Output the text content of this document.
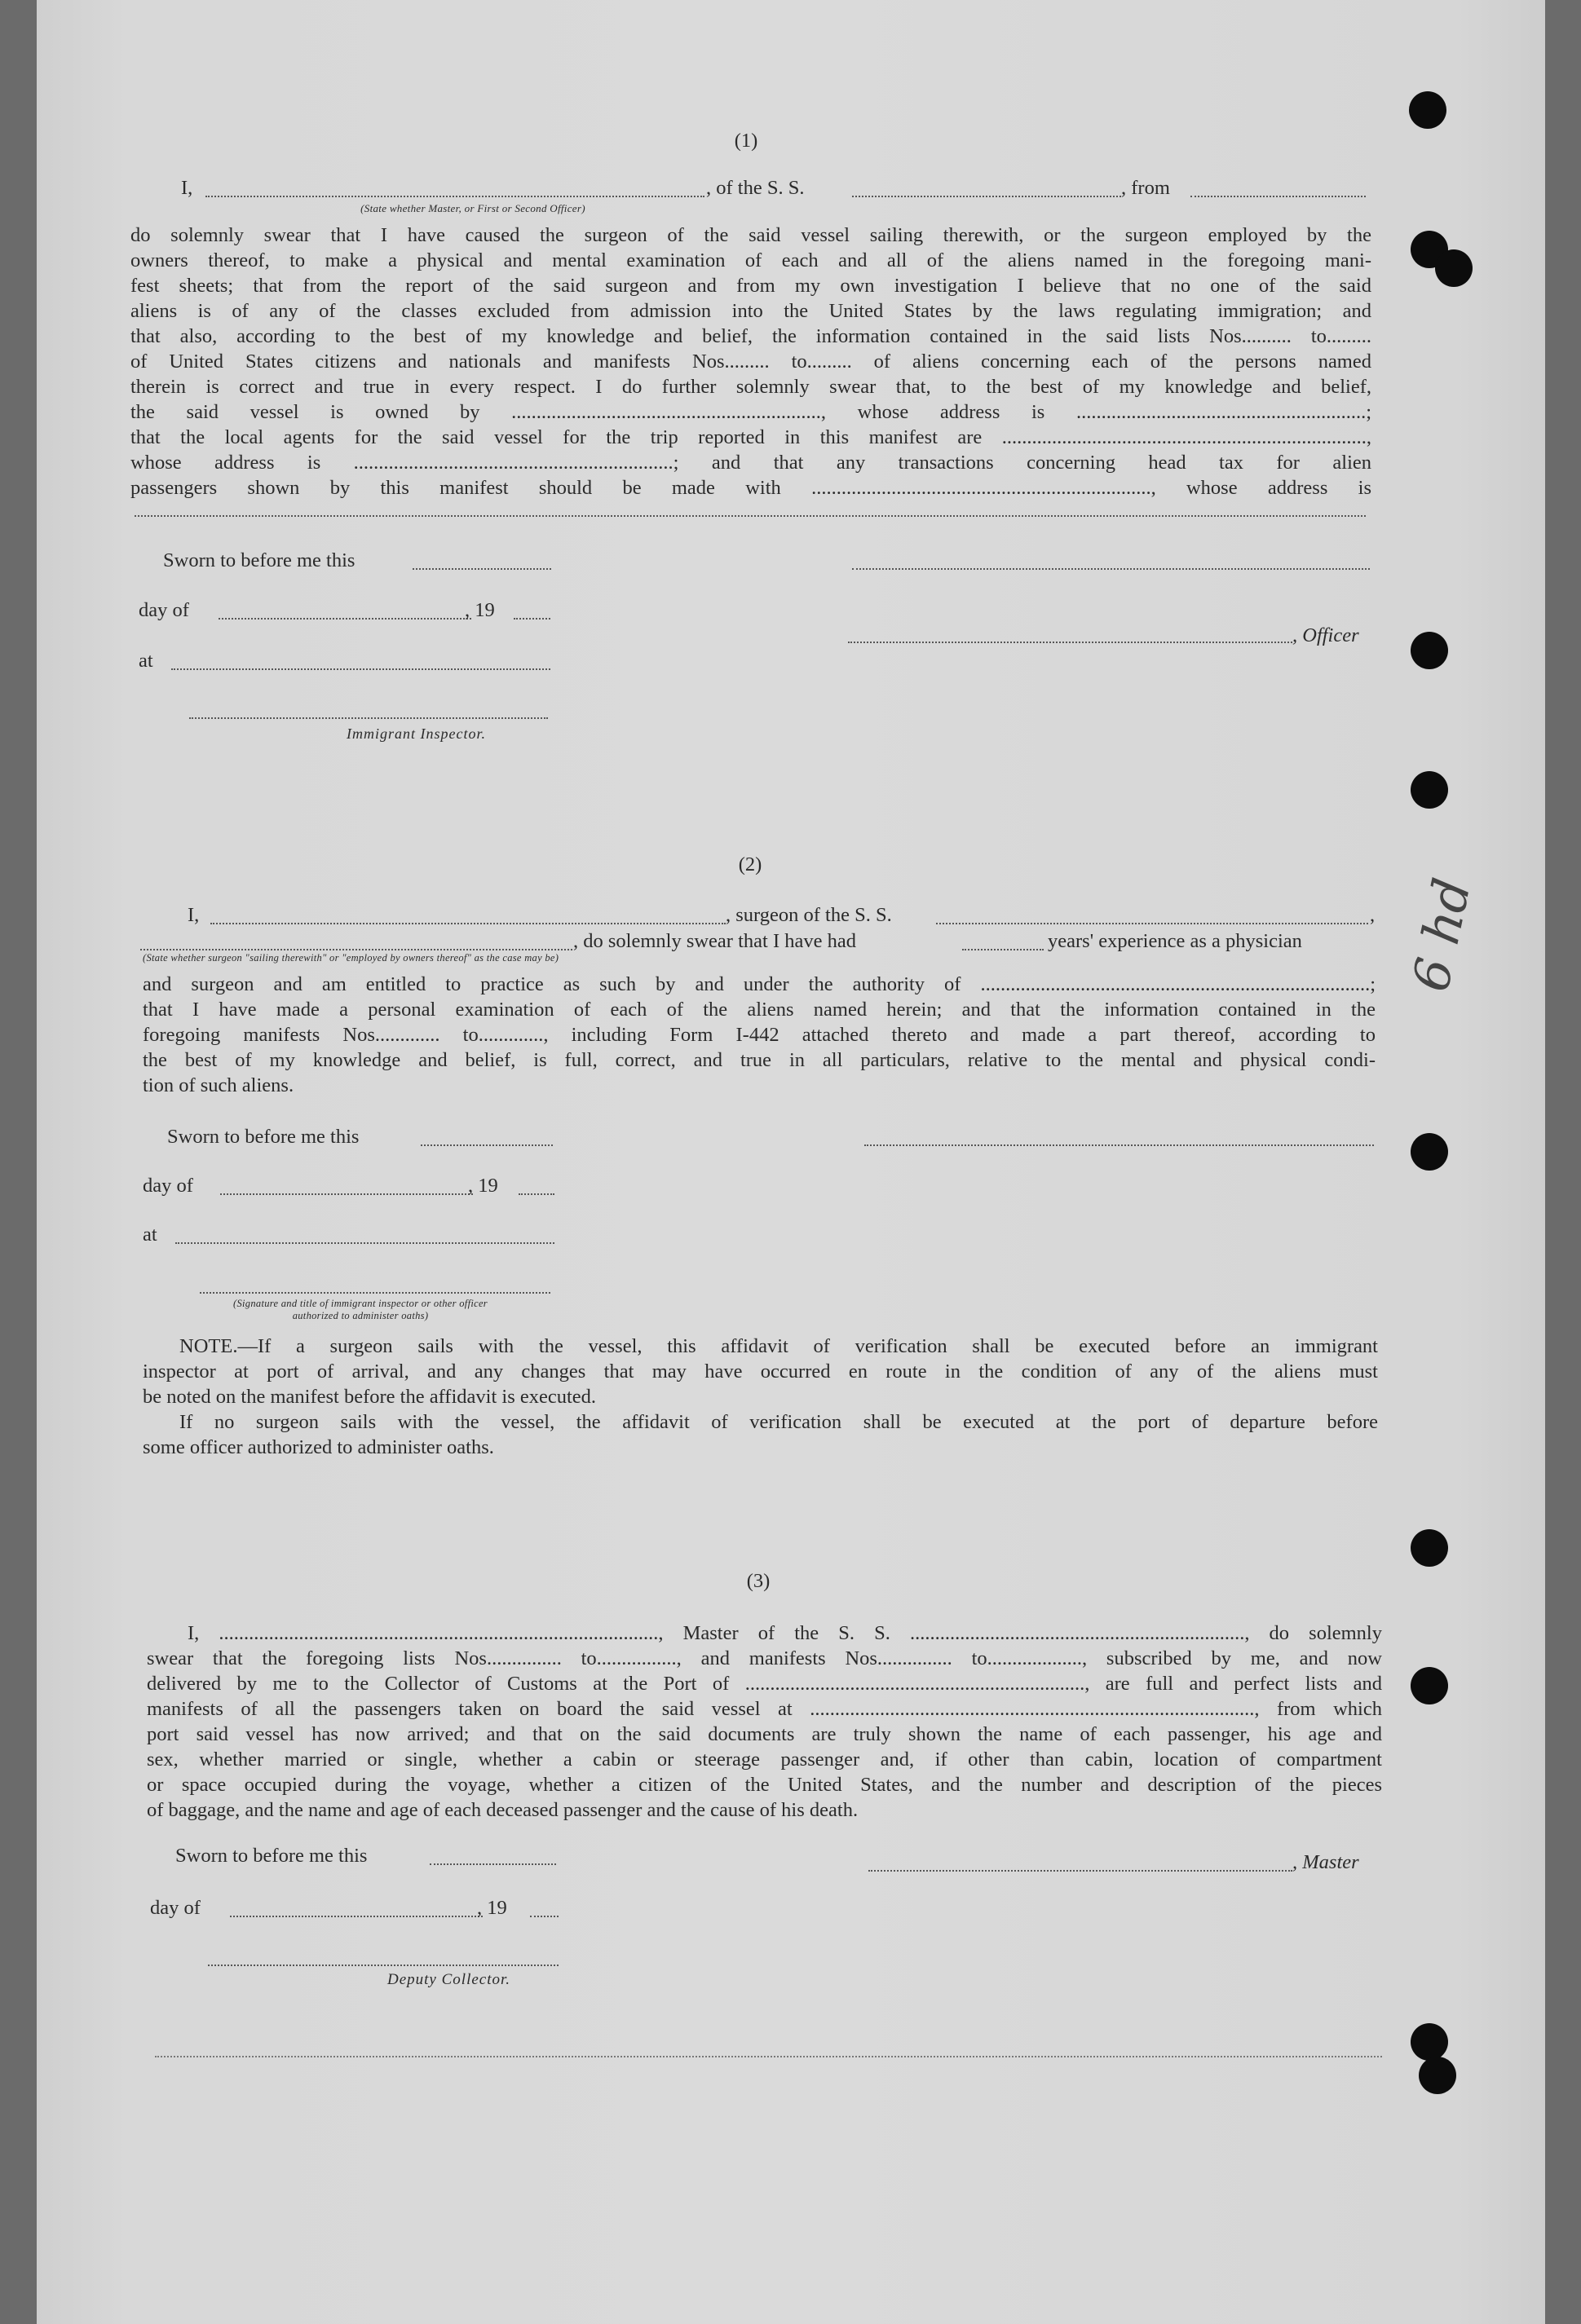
(1)
I,	, of the S. S.	, from
(State whether Master, or First or Second Officer)
do solemnly swear that I have caused the surgeon of the said vessel sailing therewith, or the surgeon employed by the
owners thereof, to make a physical and mental examination of each and all of the aliens named in the foregoing mani-
fest sheets; that from the report of the said surgeon and from my own investigation I believe that no one of the said
aliens is of any of the classes excluded from admission into the United States by the laws regulating immigration; and
that also, according to the best of my knowledge and belief, the information contained in the said lists Nos.......... to.........
of United States citizens and nationals and manifests Nos......... to......... of aliens concerning each of the persons named
therein is correct and true in every respect. I do further solemnly swear that, to the best of my knowledge and belief,
the said vessel is owned by .............................................................., whose address is ..........................................................;
that the local agents for the said vessel for the trip reported in this manifest are .........................................................................,
whose address is ................................................................; and that any transactions concerning head tax for alien
passengers shown by this manifest should be made with ...................................................................., whose address is
Sworn to before me this
day of	, 19
, Officer
at
Immigrant Inspector.
(2)
I,	, surgeon of the S. S.	,
, do solemnly swear that I have had	years' experience as a physician
(State whether surgeon "sailing therewith" or "employed by owners thereof" as the case may be)
and surgeon and am entitled to practice as such by and under the authority of ..............................................................................;
that I have made a personal examination of each of the aliens named herein; and that the information contained in the
foregoing manifests Nos............. to............., including Form I-442 attached thereto and made a part thereof, according to
the best of my knowledge and belief, is full, correct, and true in all particulars, relative to the mental and physical condi-
tion of such aliens.
Sworn to before me this
day of	, 19
at
(Signature and title of immigrant inspector or other officer authorized to administer oaths)
NOTE.—If a surgeon sails with the vessel, this affidavit of verification shall be executed before an immigrant
inspector at port of arrival, and any changes that may have occurred en route in the condition of any of the aliens must
be noted on the manifest before the affidavit is executed.
If no surgeon sails with the vessel, the affidavit of verification shall be executed at the port of departure before
some officer authorized to administer oaths.
(3)
I, ........................................................................................, Master of the S. S. ..................................................................., do solemnly
swear that the foregoing lists Nos............... to................, and manifests Nos............... to..................., subscribed by me, and now
delivered by me to the Collector of Customs at the Port of ...................................................................., are full and perfect lists and
manifests of all the passengers taken on board the said vessel at ........................................................................................., from which
port said vessel has now arrived; and that on the said documents are truly shown the name of each passenger, his age and
sex, whether married or single, whether a cabin or steerage passenger and, if other than cabin, location of compartment
or space occupied during the voyage, whether a citizen of the United States, and the number and description of the pieces
of baggage, and the name and age of each deceased passenger and the cause of his death.
Sworn to before me this	, Master
day of	, 19
Deputy Collector.
6 hd
